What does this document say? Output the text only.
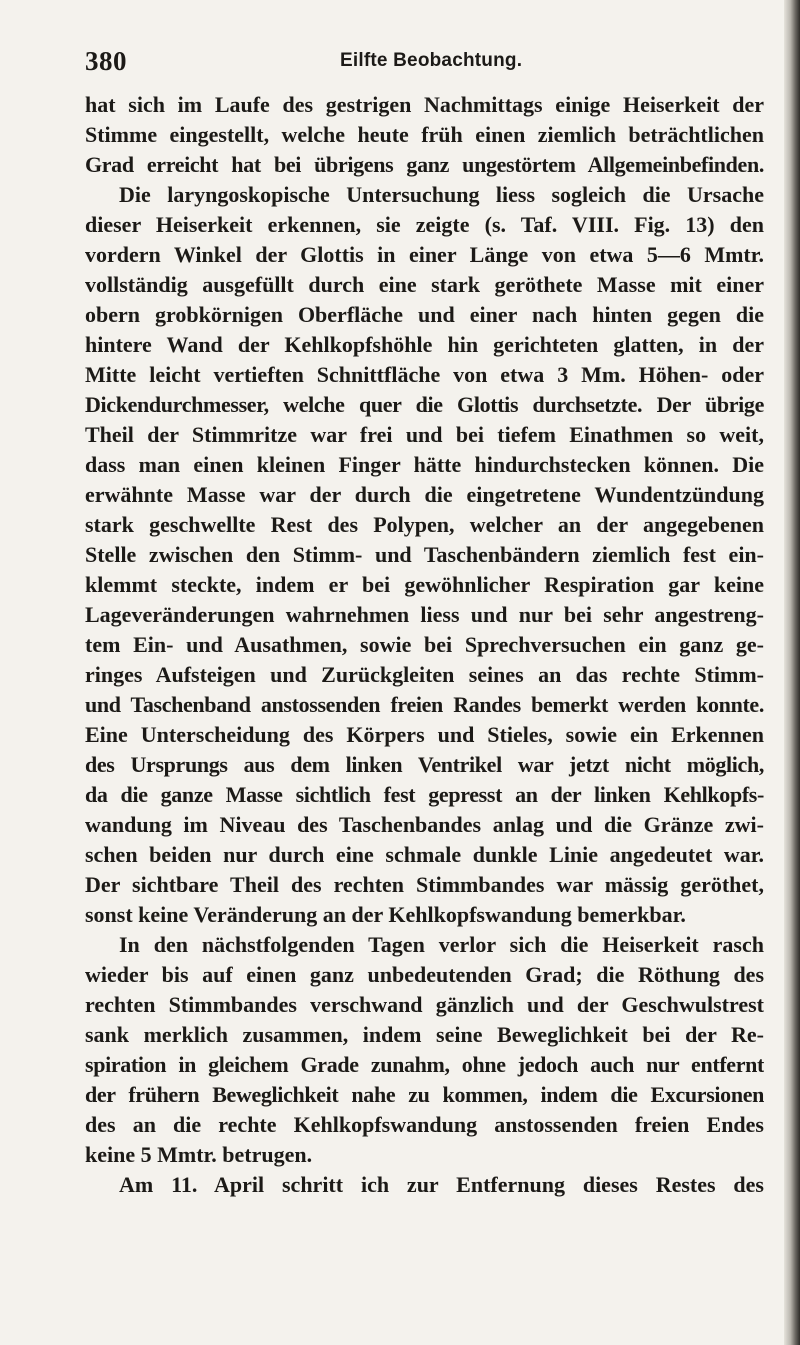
380	Eilfte Beobachtung.
hat sich im Laufe des gestrigen Nachmittags einige Heiserkeit der
Stimme eingestellt, welche heute früh einen ziemlich beträchtlichen
Grad erreicht hat bei übrigens ganz ungestörtem Allgemeinbefinden.
Die laryngoskopische Untersuchung liess sogleich die Ursache
dieser Heiserkeit erkennen, sie zeigte (s. Taf. VIII. Fig. 13) den
vordern Winkel der Glottis in einer Länge von etwa 5—6 Mmtr.
vollständig ausgefüllt durch eine stark geröthete Masse mit einer
obern grobkörnigen Oberfläche und einer nach hinten gegen die
hintere Wand der Kehlkopfshöhle hin gerichteten glatten, in der
Mitte leicht vertieften Schnittfläche von etwa 3 Mm. Höhen- oder
Dickendurchmesser, welche quer die Glottis durchsetzte. Der übrige
Theil der Stimmritze war frei und bei tiefem Einathmen so weit,
dass man einen kleinen Finger hätte hindurchstecken können. Die
erwähnte Masse war der durch die eingetretene Wundentzündung
stark geschwellte Rest des Polypen, welcher an der angegebenen
Stelle zwischen den Stimm- und Taschenbändern ziemlich fest ein-
klemmt steckte, indem er bei gewöhnlicher Respiration gar keine
Lageveränderungen wahrnehmen liess und nur bei sehr angestreng-
tem Ein- und Ausathmen, sowie bei Sprechversuchen ein ganz ge-
ringes Aufsteigen und Zurückgleiten seines an das rechte Stimm-
und Taschenband anstossenden freien Randes bemerkt werden konnte.
Eine Unterscheidung des Körpers und Stieles, sowie ein Erkennen
des Ursprungs aus dem linken Ventrikel war jetzt nicht möglich,
da die ganze Masse sichtlich fest gepresst an der linken Kehlkopfs-
wandung im Niveau des Taschenbandes anlag und die Gränze zwi-
schen beiden nur durch eine schmale dunkle Linie angedeutet war.
Der sichtbare Theil des rechten Stimmbandes war mässig geröthet,
sonst keine Veränderung an der Kehlkopfswandung bemerkbar.
In den nächstfolgenden Tagen verlor sich die Heiserkeit rasch
wieder bis auf einen ganz unbedeutenden Grad; die Röthung des
rechten Stimmbandes verschwand gänzlich und der Geschwulstrest
sank merklich zusammen, indem seine Beweglichkeit bei der Re-
spiration in gleichem Grade zunahm, ohne jedoch auch nur entfernt
der frühern Beweglichkeit nahe zu kommen, indem die Excursionen
des an die rechte Kehlkopfswandung anstossenden freien Endes
keine 5 Mmtr. betrugen.
Am 11. April schritt ich zur Entfernung dieses Restes des
